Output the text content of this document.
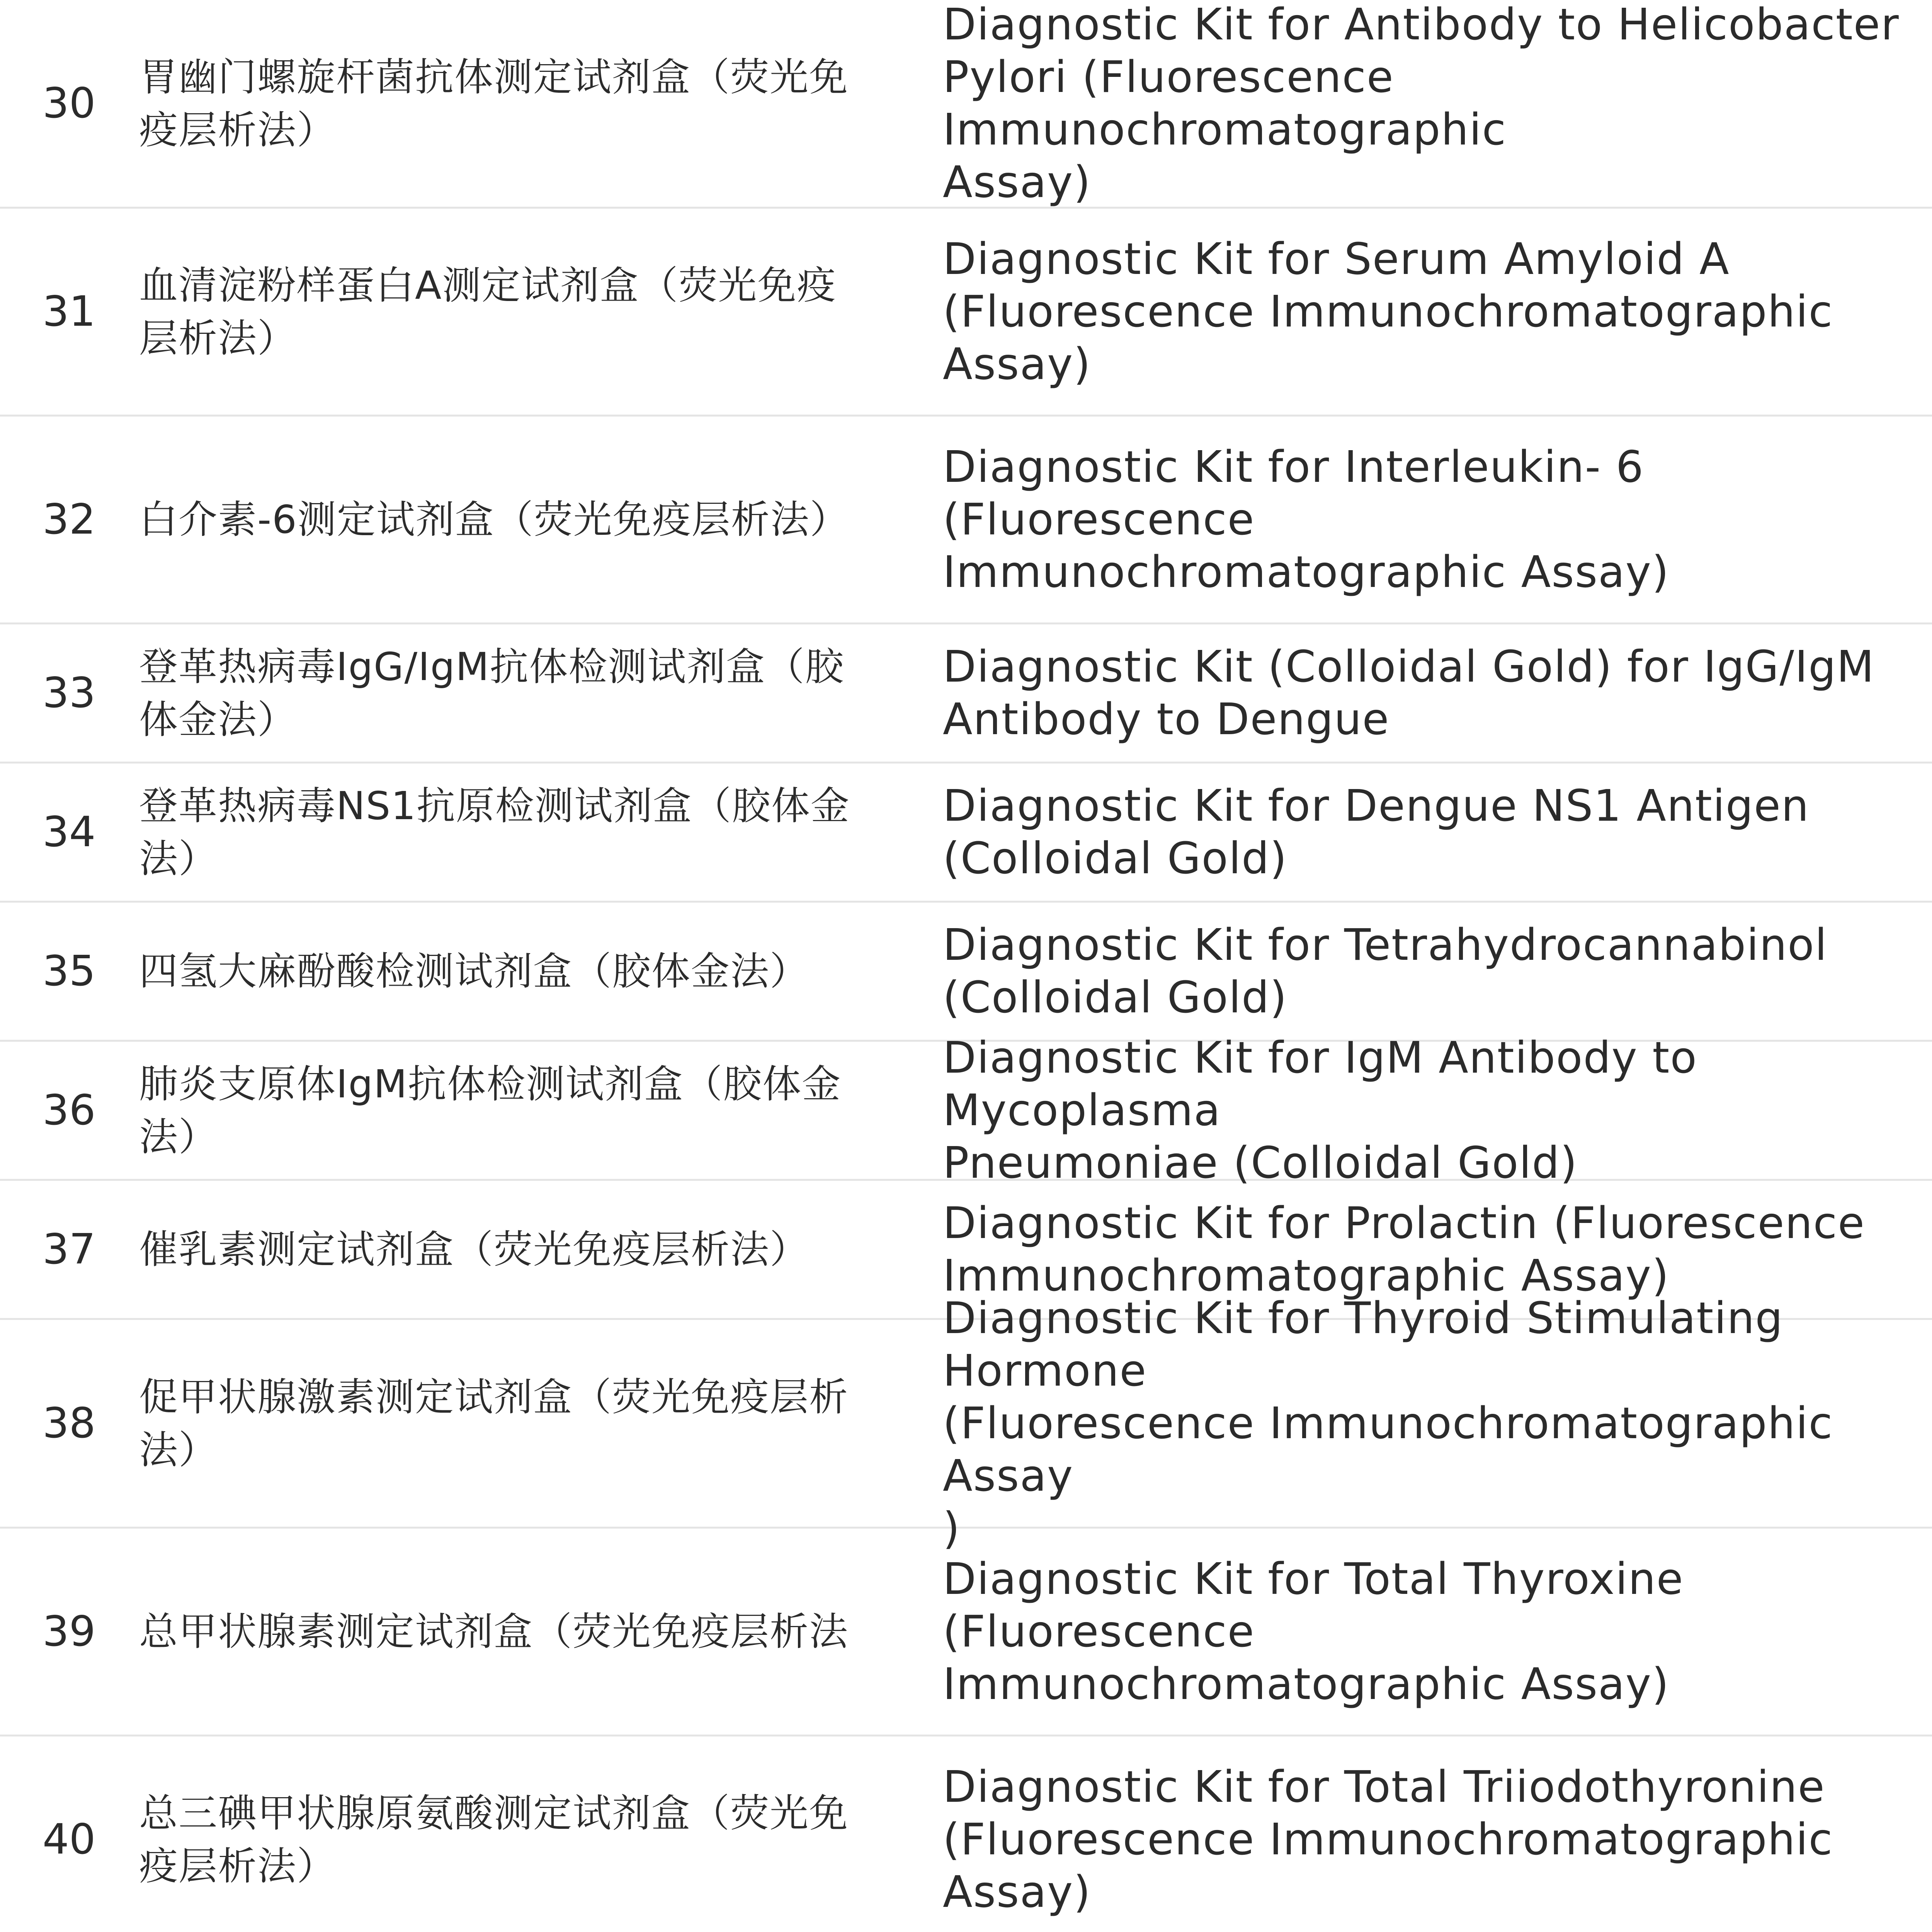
30
胃幽门螺旋杆菌抗体测定试剂盒（荧光免
疫层析法）
Diagnostic Kit for Antibody to Helicobacter
Pylori (Fluorescence Immunochromatographic
Assay)
31
血清淀粉样蛋白A测定试剂盒（荧光免疫
层析法）
Diagnostic Kit for Serum Amyloid A
(Fluorescence Immunochromatographic Assay)
32 白介素-6测定试剂盒（荧光免疫层析法）
Diagnostic Kit for Interleukin- 6 (Fluorescence
Immunochromatographic Assay)
33
登革热病毒IgG/IgM抗体检测试剂盒（胶
体金法）
Diagnostic Kit (Colloidal Gold) for IgG/IgM
Antibody to Dengue
34
登革热病毒NS1抗原检测试剂盒（胶体金
法）
Diagnostic Kit for Dengue NS1 Antigen
(Colloidal Gold)
35 四氢大麻酚酸检测试剂盒（胶体金法）
Diagnostic Kit for Tetrahydrocannabinol
(Colloidal Gold)
36
肺炎支原体IgM抗体检测试剂盒（胶体金
法）
Diagnostic Kit for IgM Antibody to Mycoplasma
Pneumoniae (Colloidal Gold)
37 催乳素测定试剂盒（荧光免疫层析法）
Diagnostic Kit for Prolactin (Fluorescence
Immunochromatographic Assay)
38
促甲状腺激素测定试剂盒（荧光免疫层析
法）
Diagnostic Kit for Thyroid Stimulating Hormone
(Fluorescence Immunochromatographic Assay
)
39 总甲状腺素测定试剂盒（荧光免疫层析法
Diagnostic Kit for Total Thyroxine (Fluorescence
Immunochromatographic Assay)
40
总三碘甲状腺原氨酸测定试剂盒（荧光免
疫层析法）
Diagnostic Kit for Total Triiodothyronine
(Fluorescence Immunochromatographic Assay)
